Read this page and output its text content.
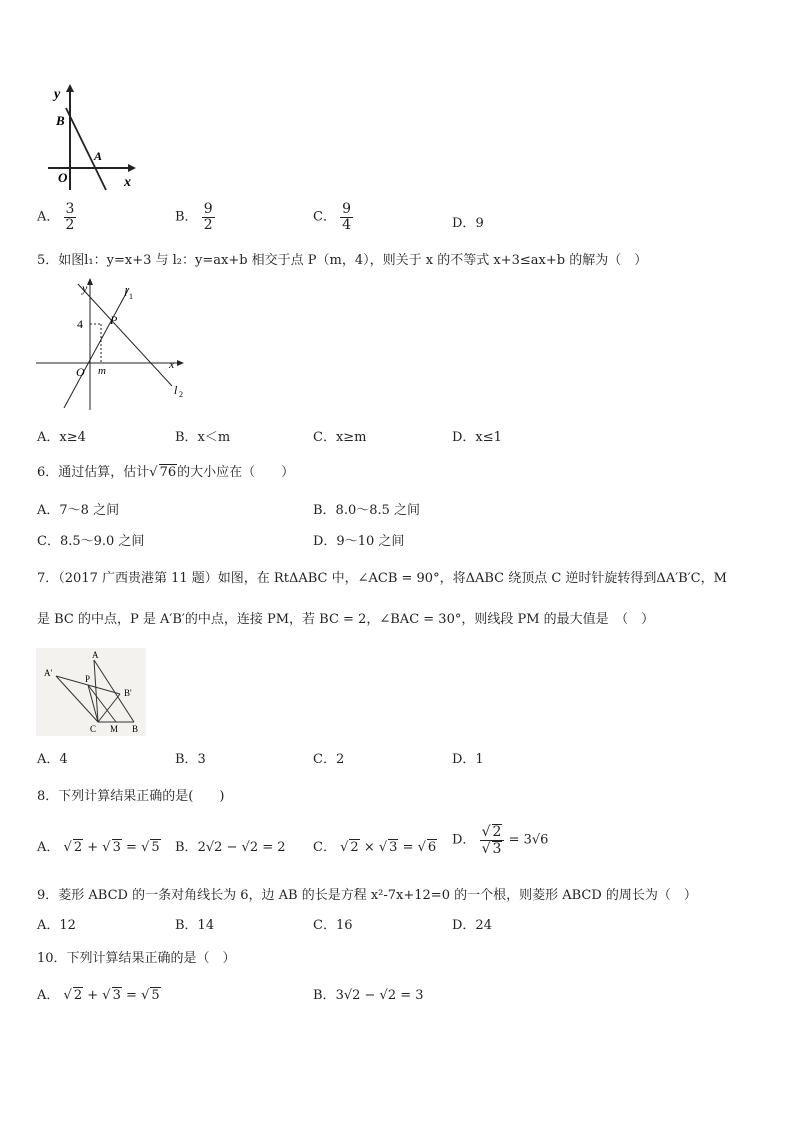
y
B
A
O	x
A． $\frac{3}{2}$	B． $\frac{9}{2}$	C． $\frac{9}{4}$	D．9
5．如图l₁：y=x+3 与 l₂：y=ax+b 相交于点 P（m，4），则关于 x 的不等式 x+3≤ax+b 的解为（　）
y	l 1
4 P
x
O m
l 2
A．x≥4	B．x＜m	C．x≥m	D．x≤1
6．通过估算，估计√ 76的大小应在（　　）
A．7～8 之间	B．8.0～8.5 之间
C．8.5～9.0 之间	D．9～10 之间
7．（2017 广西贵港第 11 题）如图，在 RtΔABC 中，∠ACB = 90°，将ΔABC 绕顶点 C 逆时针旋转得到ΔA′B′C，M
是 BC 的中点，P 是 A′B′的中点，连接 PM，若 BC = 2，∠BAC = 30°，则线段 PM 的最大值是　（　）
A
A'
P
B'
C M B
A．4	B．3	C．2	D．1
8．下列计算结果正确的是(　　)
A． √ 2 + √ 3 = √ 5 B．2√2 − √2 = 2 C． √ 2 × √ 3 = √ 6 D． $\frac{√ 2}{√ 3} = 3√6$
9．菱形 ABCD 的一条对角线长为 6，边 AB 的长是方程 x²-7x+12=0 的一个根，则菱形 ABCD 的周长为（　）
A．12	B．14	C．16	D．24
10．下列计算结果正确的是（　）
A． √ 2 + √ 3 = √ 5	B．3√2 − √2 = 3
